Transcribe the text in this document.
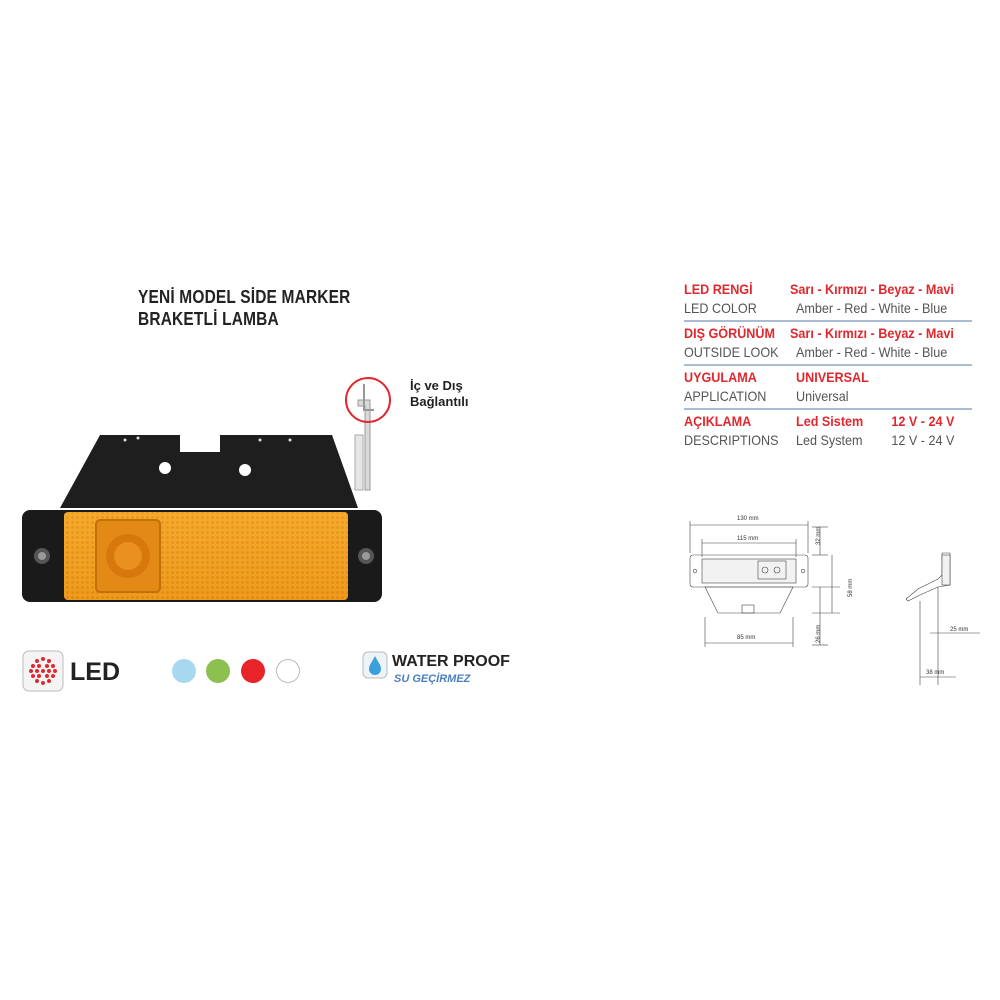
YENİ MODEL SİDE MARKER
BRAKETLİ LAMBA
İç ve Dış
Bağlantılı
LED	WATER PROOF
SU GEÇİRMEZ
LED RENGİ	Sarı - Kırmızı - Beyaz - Mavi
LED COLOR	Amber - Red - White - Blue
DIŞ GÖRÜNÜM	Sarı - Kırmızı - Beyaz - Mavi
OUTSIDE LOOK	Amber - Red - White - Blue
UYGULAMA	UNIVERSAL
APPLICATION	Universal
AÇIKLAMA	Led Sistem 12 V - 24 V
DESCRIPTIONS	Led System 12 V - 24 V
130 mm
115 mm
85 mm
32 mm
58 mm
26 mm	25 mm
38 mm
